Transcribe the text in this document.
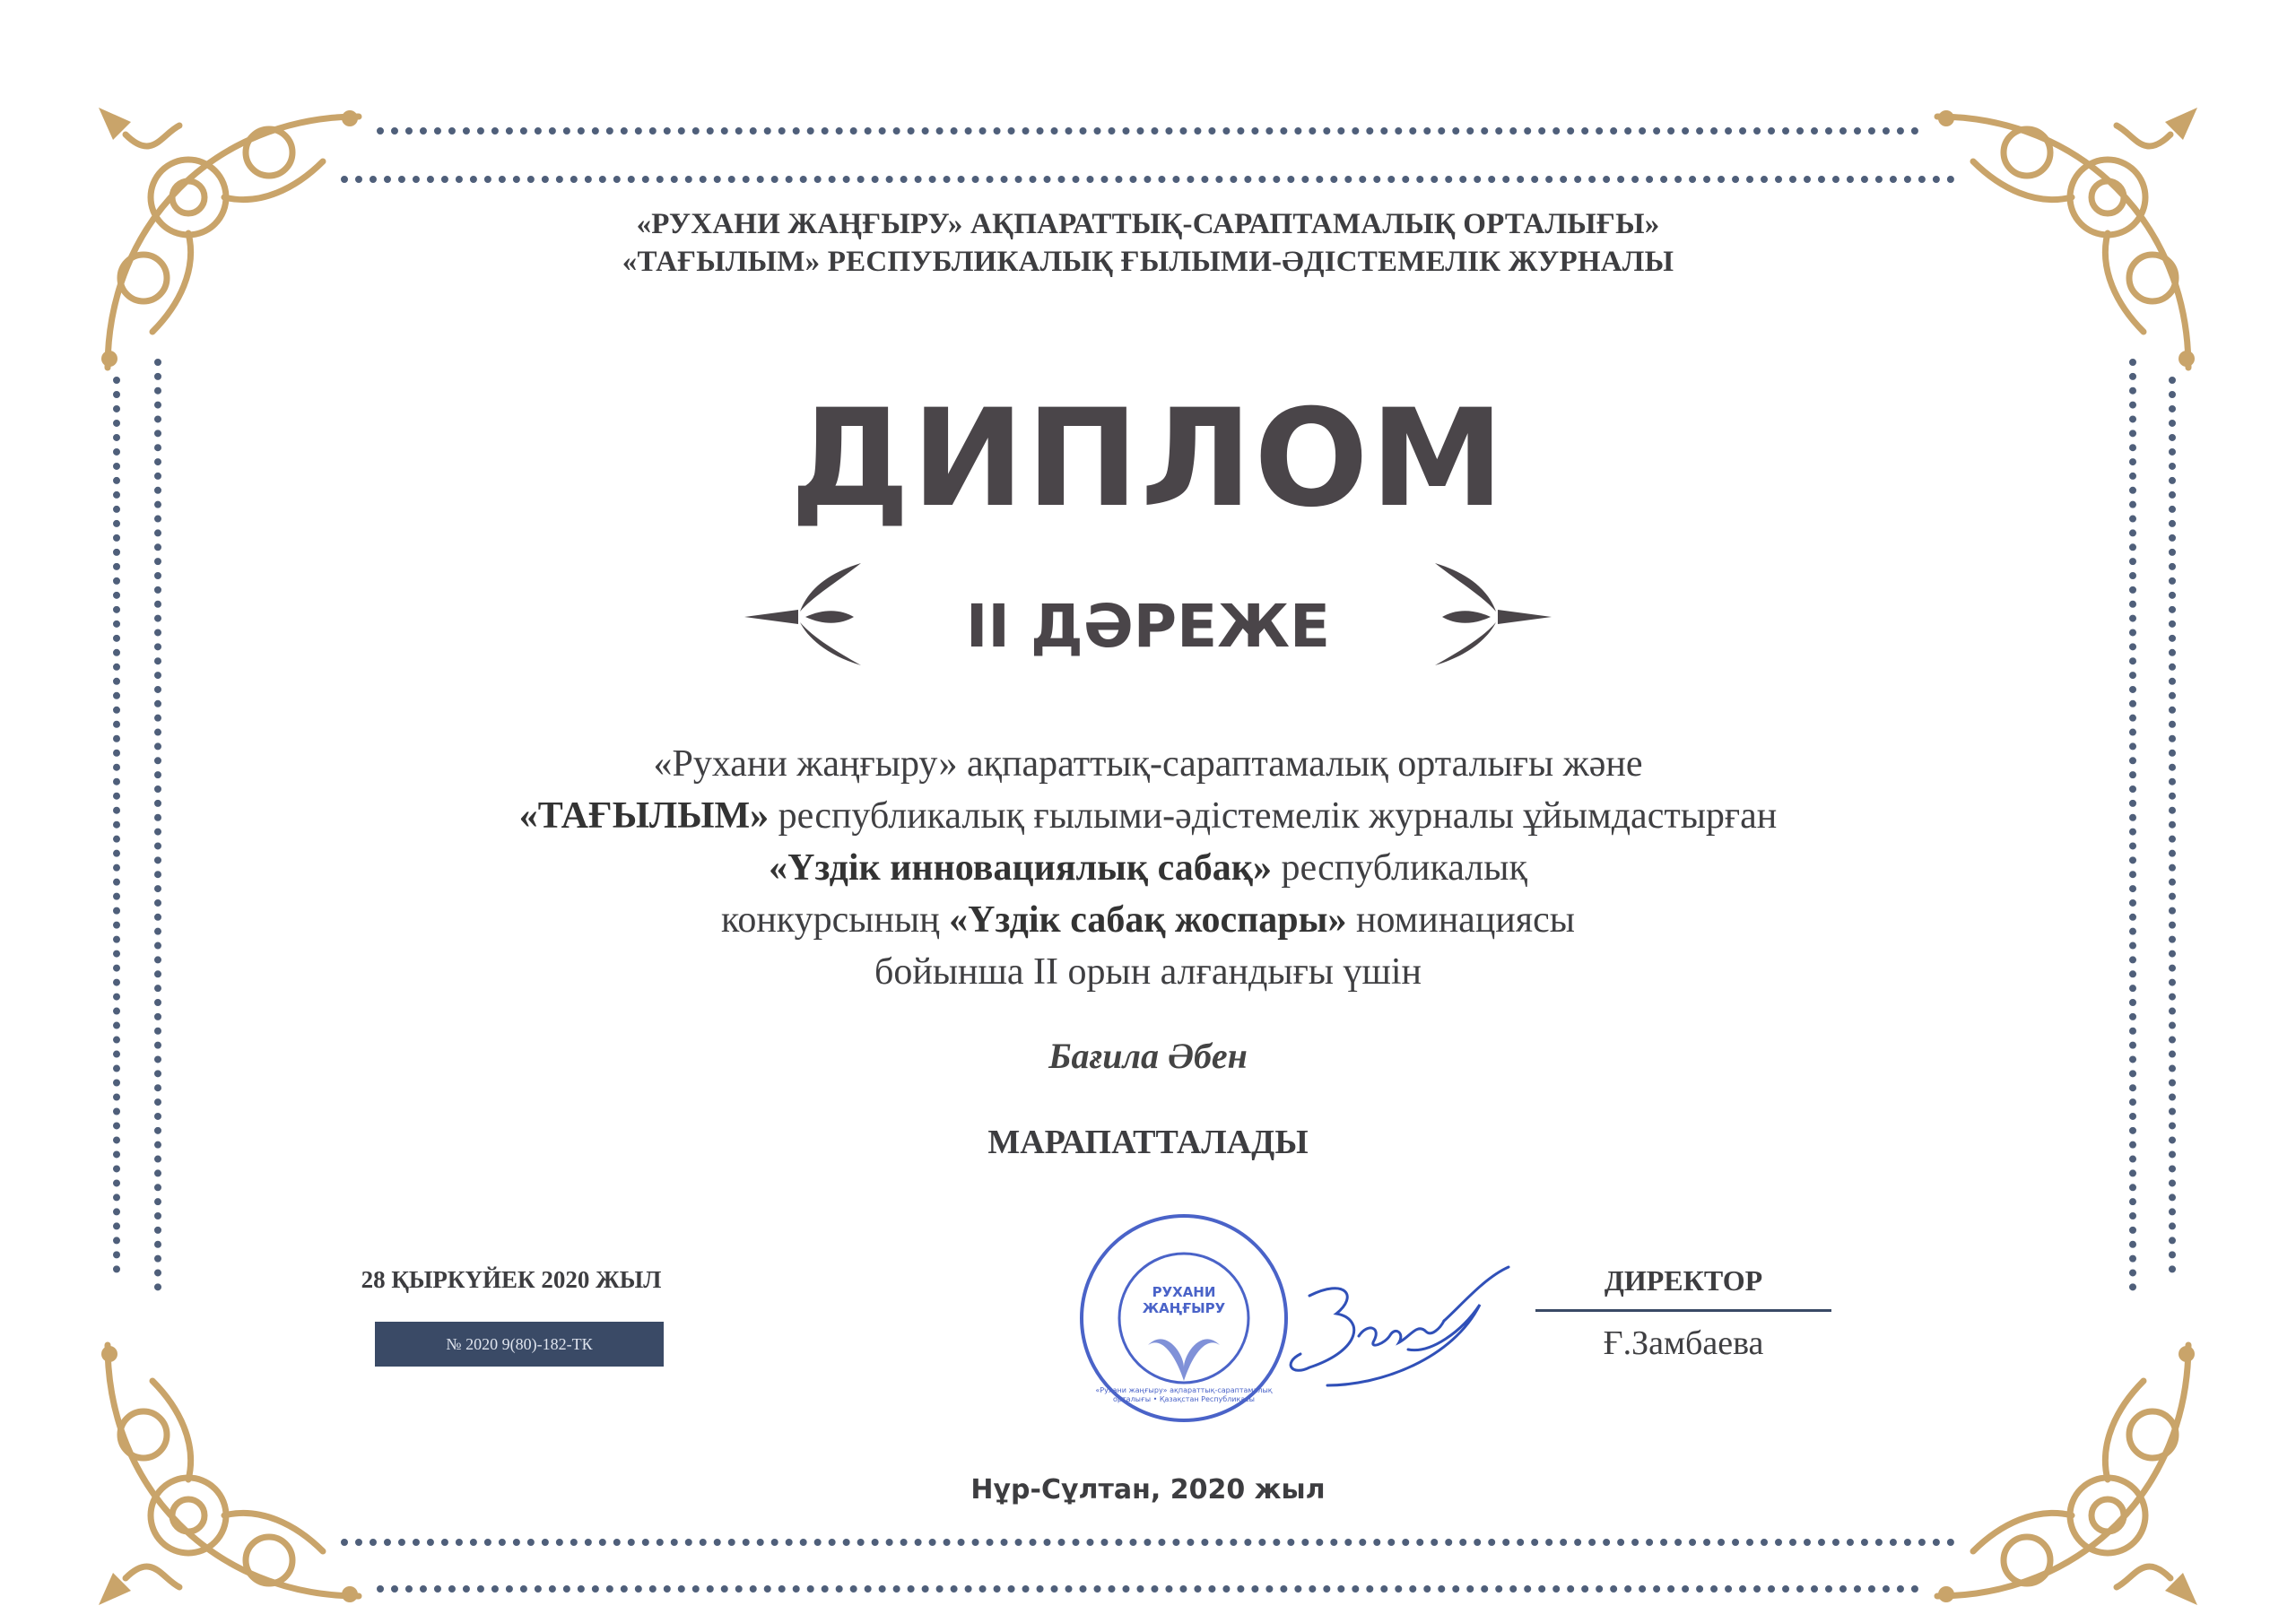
«РУХАНИ ЖАҢҒЫРУ» АҚПАРАТТЫҚ-САРАПТАМАЛЫҚ ОРТАЛЫҒЫ»
«ТАҒЫЛЫМ» РЕСПУБЛИКАЛЫҚ ҒЫЛЫМИ-ӘДІСТЕМЕЛІК ЖУРНАЛЫ
ДИПЛОМ
II ДӘРЕЖЕ
«Рухани жаңғыру» ақпараттық-сараптамалық орталығы және
«ТАҒЫЛЫМ» республикалық ғылыми-әдістемелік журналы ұйымдастырған
«Үздік инновациялық сабақ» республикалық
конкурсының «Үздік сабақ жоспары» номинациясы
бойынша II орын алғандығы үшін
Бағила Әбен
МАРАПАТТАЛАДЫ
28 ҚЫРКҮЙЕК 2020 ЖЫЛ
№ 2020 9(80)-182-ТК
РУХАНИ ЖАҢҒЫРУ
«Рухани жаңғыру» ақпараттық-сараптамалық орталығы • Қазақстан Республикасы
ДИРЕКТОР
Ғ.Замбаева
Нұр-Сұлтан, 2020 жыл
